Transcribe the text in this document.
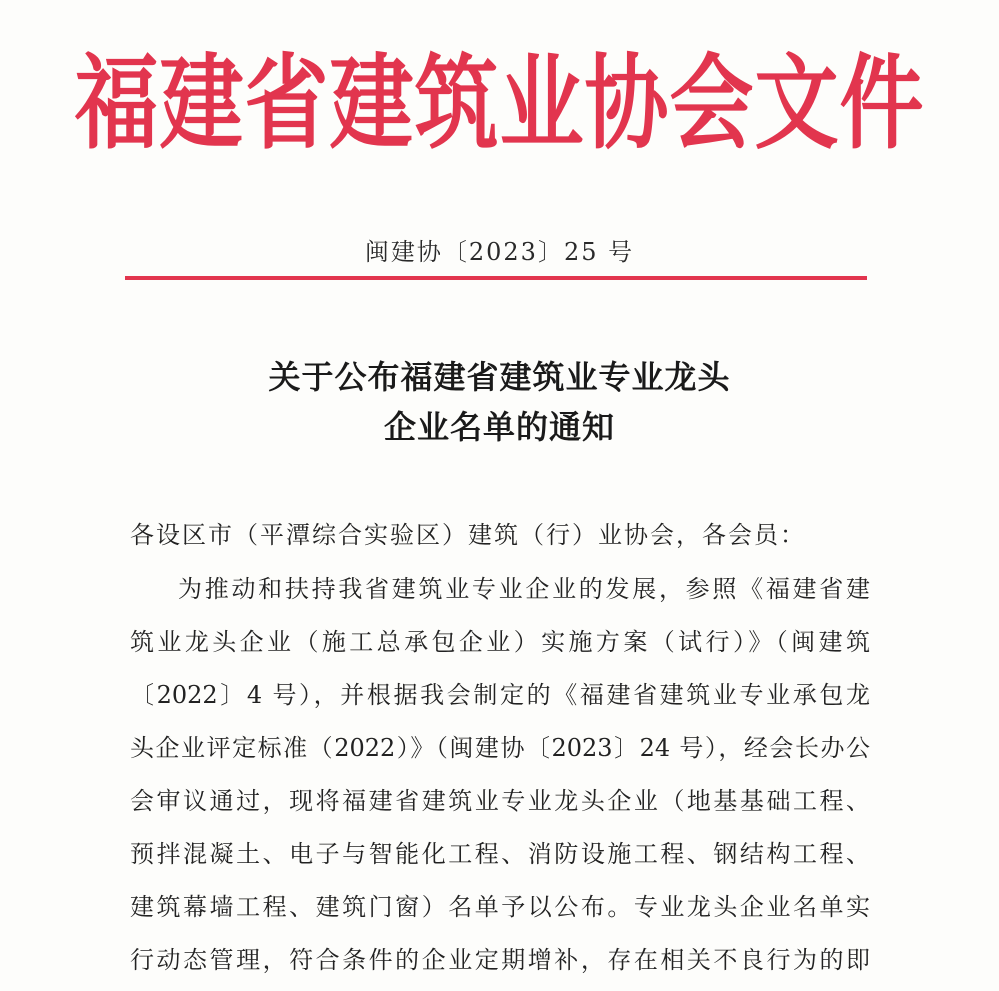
福建省建筑业协会文件
闽建协〔2023〕25 号
关于公布福建省建筑业专业龙头
企业名单的通知
各设区市（平潭综合实验区）建筑（行）业协会，各会员：
为推动和扶持我省建筑业专业企业的发展，参照《福建省建
筑业龙头企业（施工总承包企业）实施方案（试行）》（闽建筑
〔2022〕4 号），并根据我会制定的《福建省建筑业专业承包龙
头企业评定标准（2022）》（闽建协〔2023〕24 号），经会长办公
会审议通过，现将福建省建筑业专业龙头企业（地基基础工程、
预拌混凝土、电子与智能化工程、消防设施工程、钢结构工程、
建筑幕墙工程、建筑门窗）名单予以公布。专业龙头企业名单实
行动态管理，符合条件的企业定期增补，存在相关不良行为的即
